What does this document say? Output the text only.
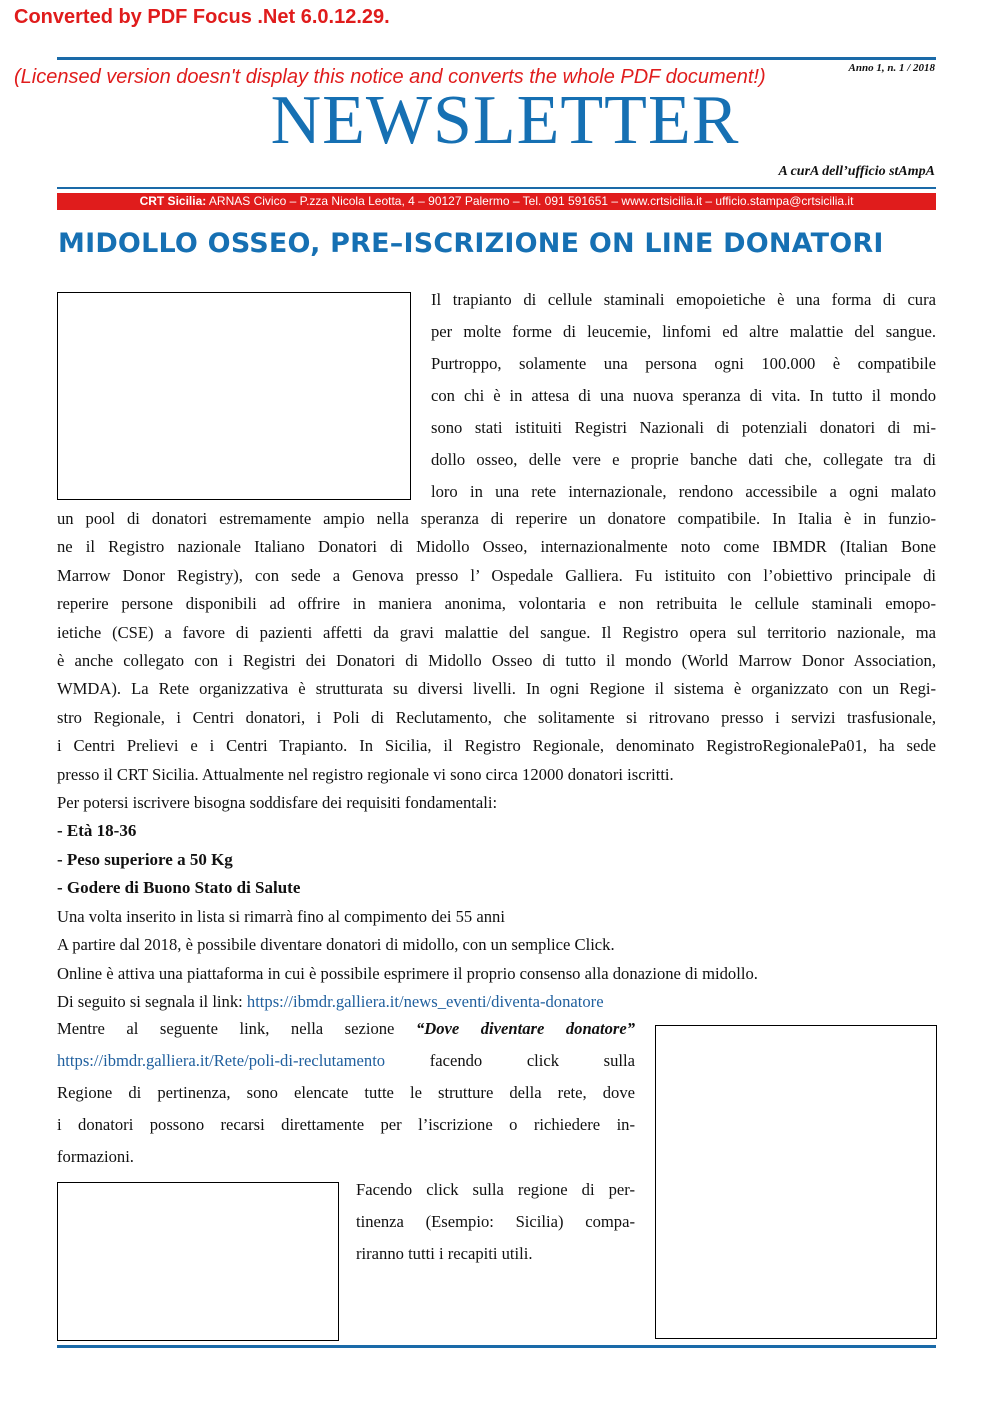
Converted by PDF Focus .Net 6.0.12.29.
Anno 1, n. 1 / 2018
NEWSLETTER
(Licensed version doesn't display this notice and converts the whole PDF document!)
A curA dell’ufficio stAmpA
CRT Sicilia: ARNAS Civico – P.zza Nicola Leotta, 4 – 90127 Palermo – Tel. 091 591651 – www.crtsicilia.it – ufficio.stampa@crtsicilia.it
MIDOLLO OSSEO, PRE–ISCRIZIONE ON LINE DONATORI
Il trapianto di cellule staminali emopoietiche è una forma di cura
per molte forme di leucemie, linfomi ed altre malattie del sangue.
Purtroppo, solamente una persona ogni 100.000 è compatibile
con chi è in attesa di una nuova speranza di vita. In tutto il mondo
sono stati istituiti Registri Nazionali di potenziali donatori di mi-
dollo osseo, delle vere e proprie banche dati che, collegate tra di
loro in una rete internazionale, rendono accessibile a ogni malato
un pool di donatori estremamente ampio nella speranza di reperire un donatore compatibile. In Italia è in funzio-
ne il Registro nazionale Italiano Donatori di Midollo Osseo, internazionalmente noto come IBMDR (Italian Bone
Marrow Donor Registry), con sede a Genova presso l’ Ospedale Galliera. Fu istituito con l’obiettivo principale di
reperire persone disponibili ad offrire in maniera anonima, volontaria e non retribuita le cellule staminali emopo-
ietiche (CSE) a favore di pazienti affetti da gravi malattie del sangue. Il Registro opera sul territorio nazionale, ma
è anche collegato con i Registri dei Donatori di Midollo Osseo di tutto il mondo (World Marrow Donor Association,
WMDA). La Rete organizzativa è strutturata su diversi livelli. In ogni Regione il sistema è organizzato con un Regi-
stro Regionale, i Centri donatori, i Poli di Reclutamento, che solitamente si ritrovano presso i servizi trasfusionale,
i Centri Prelievi e i Centri Trapianto. In Sicilia, il Registro Regionale, denominato RegistroRegionalePa01, ha sede
presso il CRT Sicilia. Attualmente nel registro regionale vi sono circa 12000 donatori iscritti.
Per potersi iscrivere bisogna soddisfare dei requisiti fondamentali:
- Età 18-36
- Peso superiore a 50 Kg
- Godere di Buono Stato di Salute
Una volta inserito in lista si rimarrà fino al compimento dei 55 anni
A partire dal 2018, è possibile diventare donatori di midollo, con un semplice Click.
Online è attiva una piattaforma in cui è possibile esprimere il proprio consenso alla donazione di midollo.
Di seguito si segnala il link: https://ibmdr.galliera.it/news_eventi/diventa-donatore
Mentre al seguente link, nella sezione “Dove diventare donatore”
https://ibmdr.galliera.it/Rete/poli-di-reclutamento facendo click sulla
Regione di pertinenza, sono elencate tutte le strutture della rete, dove
i donatori possono recarsi direttamente per l’iscrizione o richiedere in-
formazioni.
Facendo click sulla regione di per-
tinenza (Esempio: Sicilia) compa-
riranno tutti i recapiti utili.
